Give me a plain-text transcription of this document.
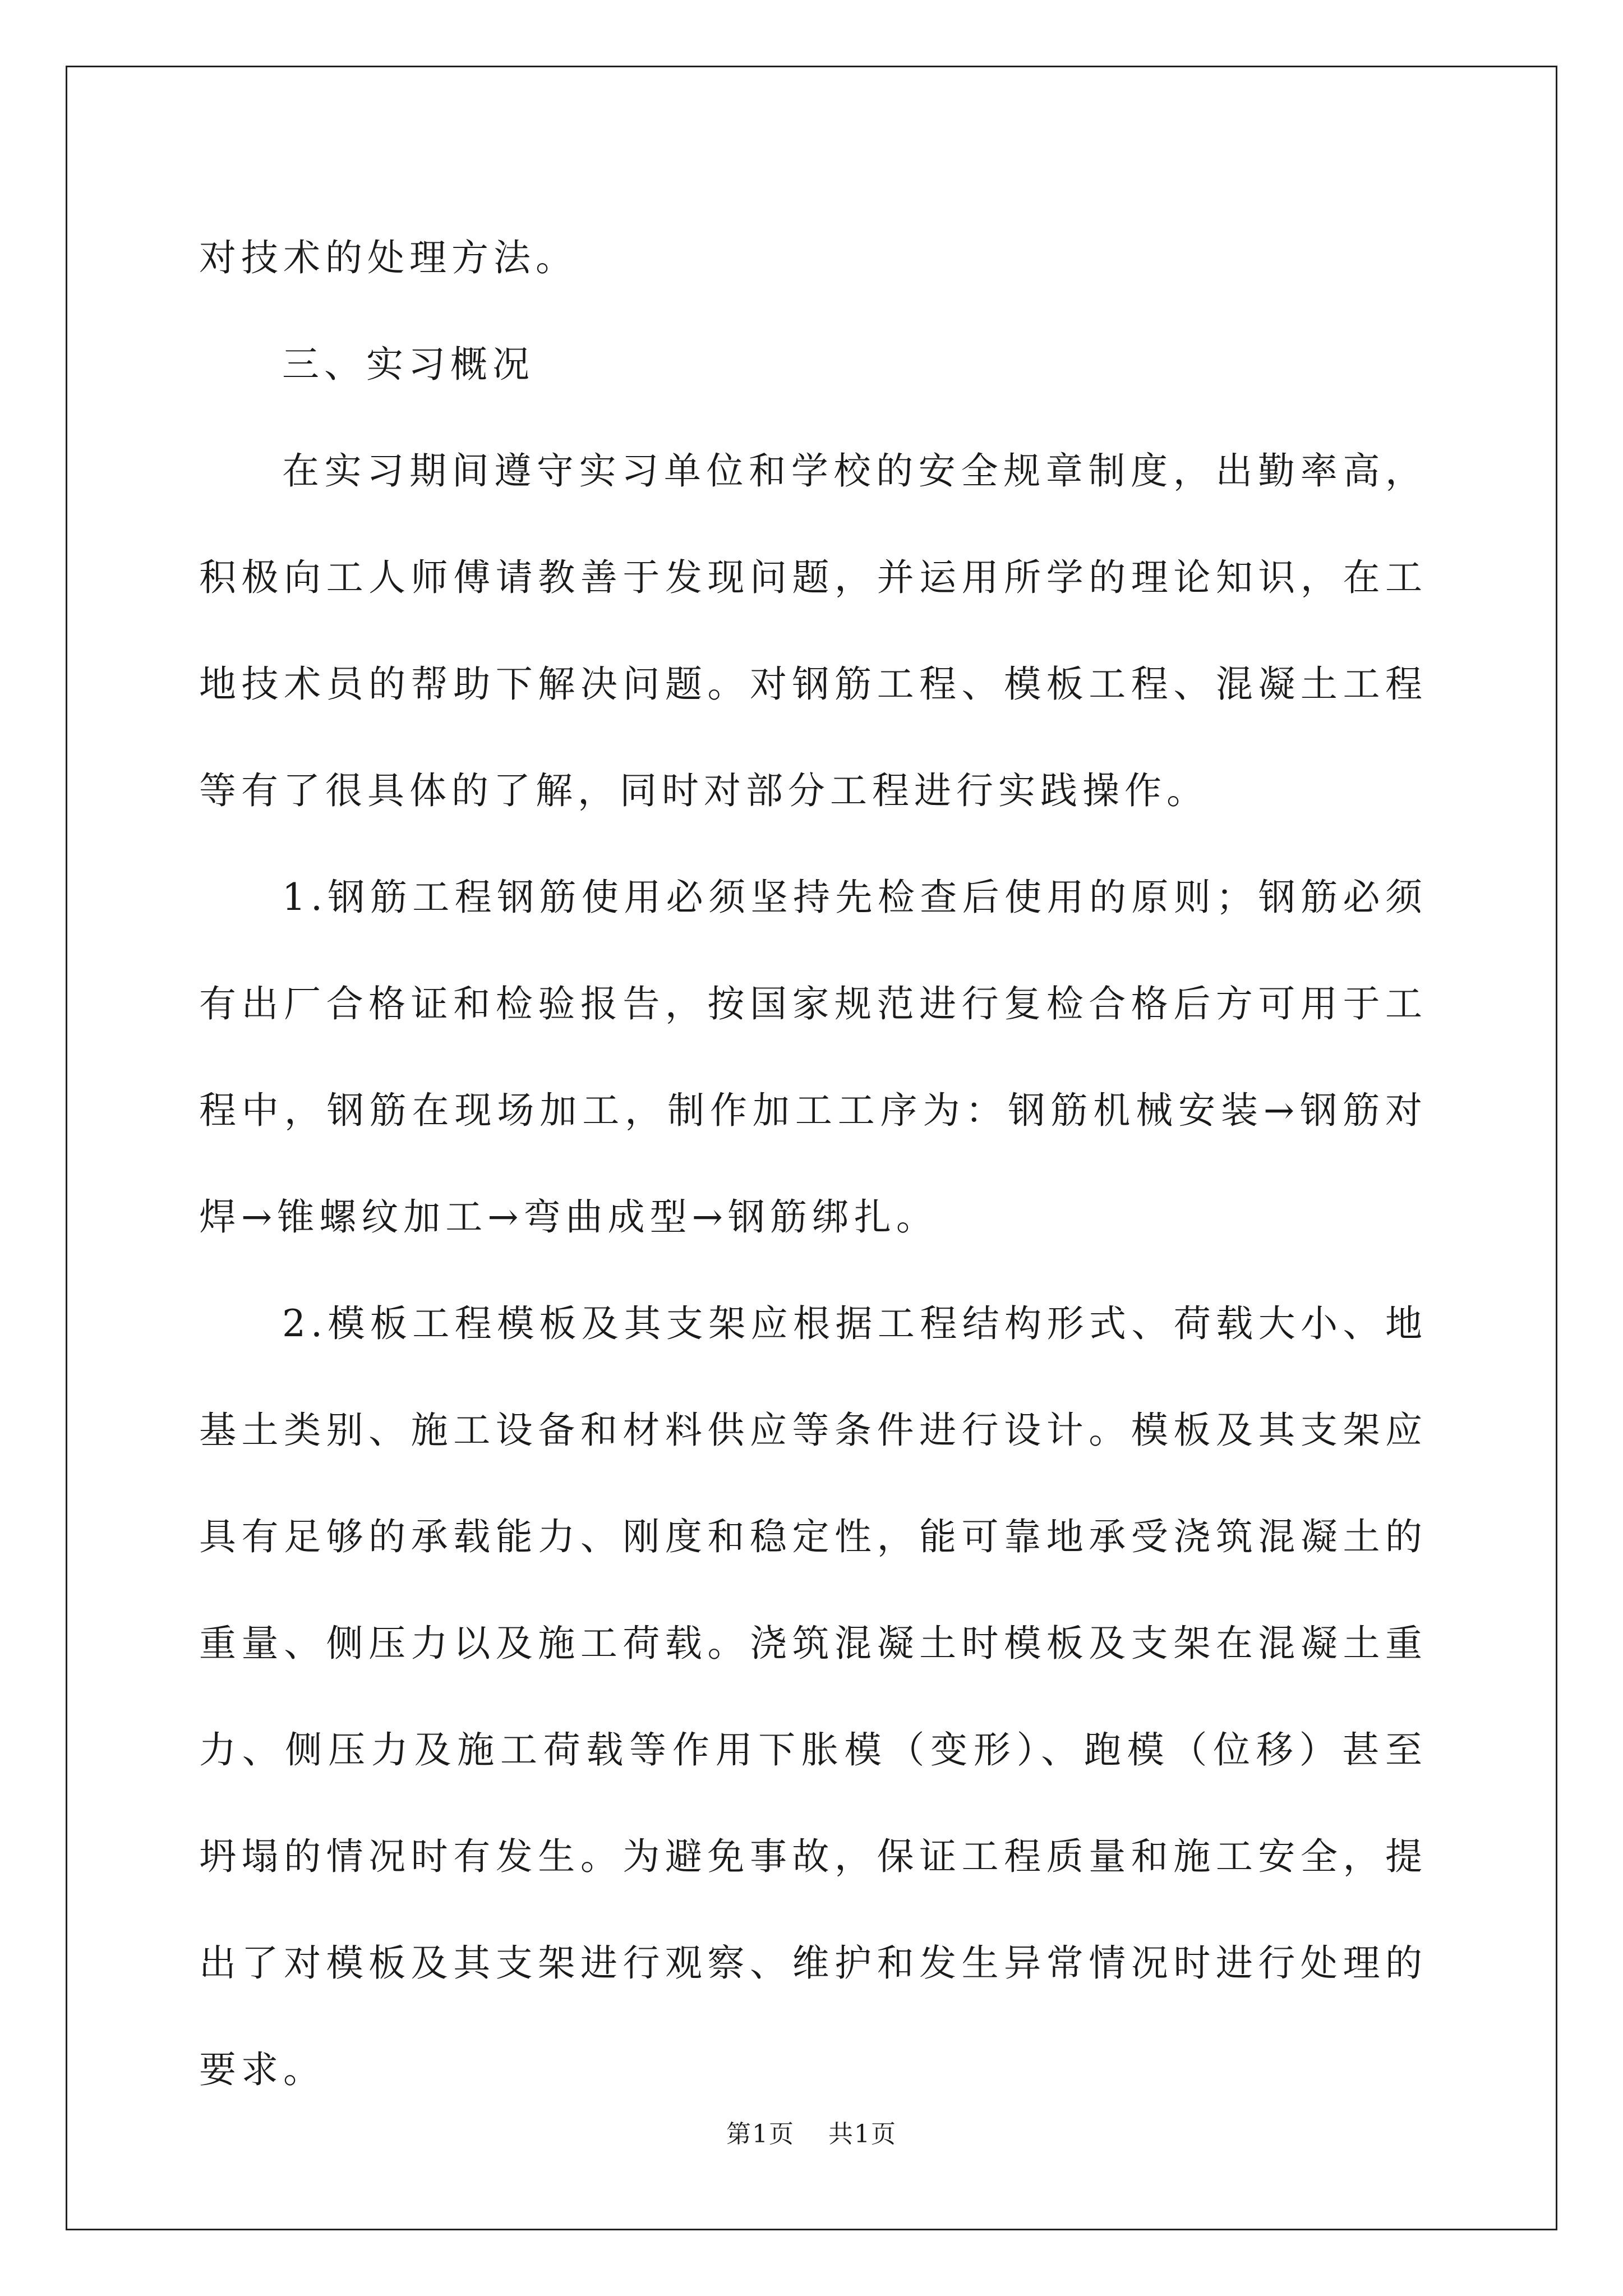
对技术的处理方法。

三、实习概况

在实习期间遵守实习单位和学校的安全规章制度，出勤率高，积极向工人师傅请教善于发现问题，并运用所学的理论知识，在工地技术员的帮助下解决问题。对钢筋工程、模板工程、混凝土工程等有了很具体的了解，同时对部分工程进行实践操作。

1.钢筋工程钢筋使用必须坚持先检查后使用的原则；钢筋必须有出厂合格证和检验报告，按国家规范进行复检合格后方可用于工程中，钢筋在现场加工，制作加工工序为：钢筋机械安装→钢筋对焊→锥螺纹加工→弯曲成型→钢筋绑扎。

2.模板工程模板及其支架应根据工程结构形式、荷载大小、地基土类别、施工设备和材料供应等条件进行设计。模板及其支架应具有足够的承载能力、刚度和稳定性，能可靠地承受浇筑混凝土的重量、侧压力以及施工荷载。浇筑混凝土时模板及支架在混凝土重力、侧压力及施工荷载等作用下胀模（变形）、跑模（位移）甚至坍塌的情况时有发生。为避免事故，保证工程质量和施工安全，提出了对模板及其支架进行观察、维护和发生异常情况时进行处理的要求。

第1页 共1页
